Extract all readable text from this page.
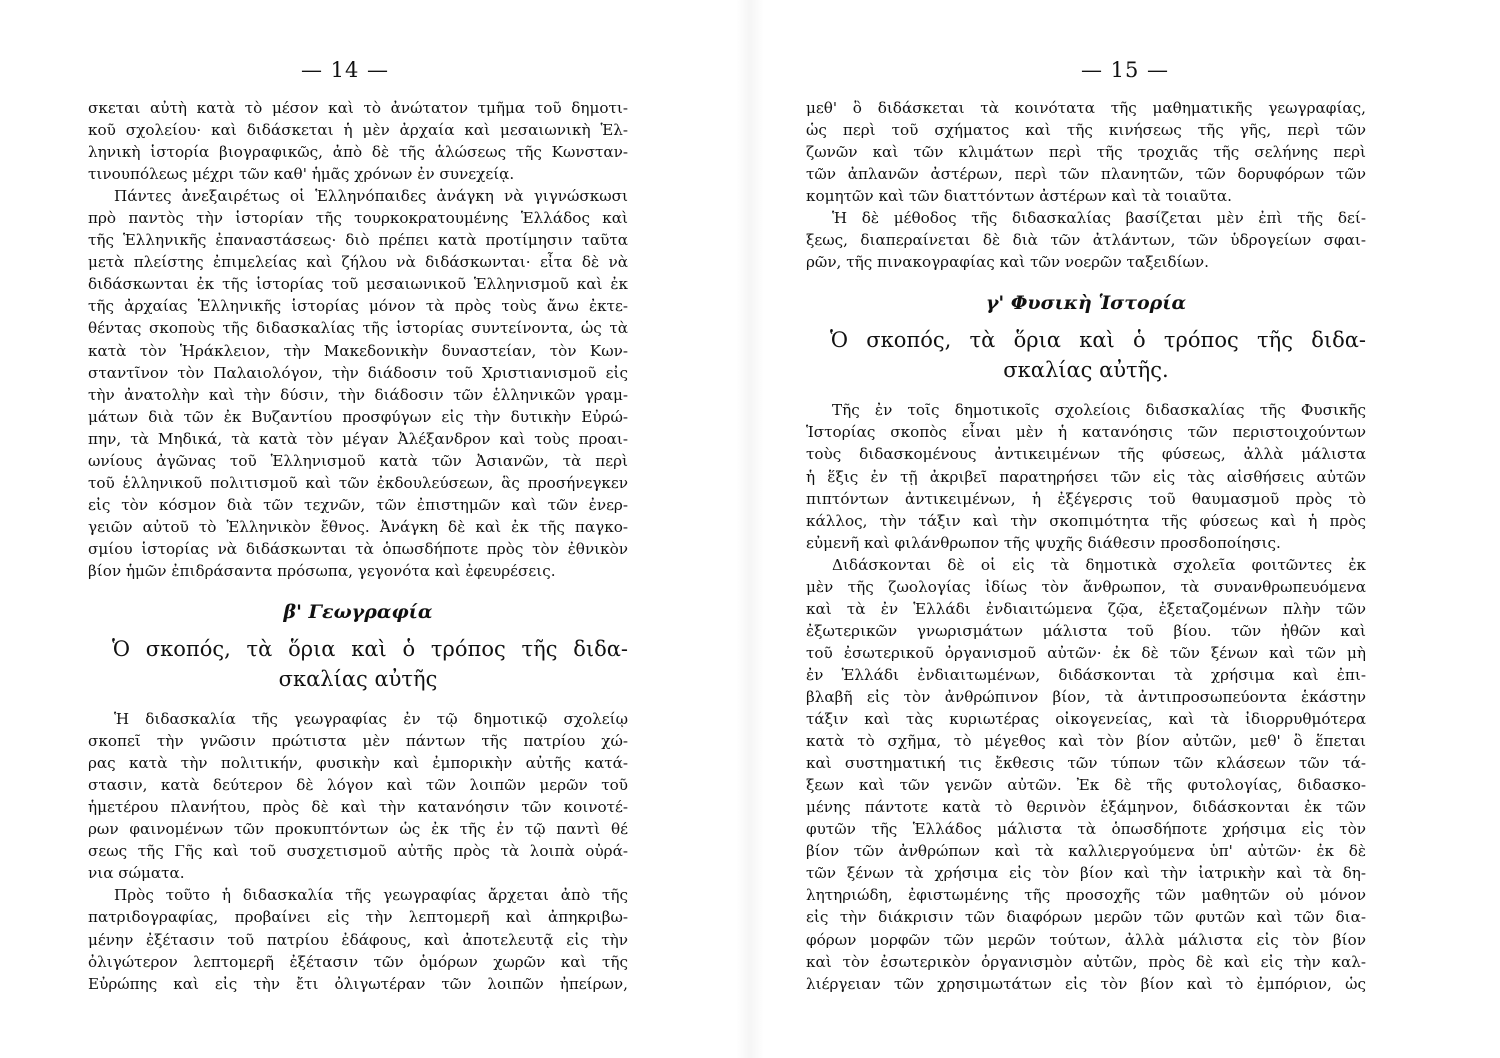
— 14 —
σκεται αὐτὴ κατὰ τὸ μέσον καὶ τὸ ἀνώτατον τμῆμα τοῦ δημοτι-
κοῦ σχολείου· καὶ διδάσκεται ἡ μὲν ἀρχαία καὶ μεσαιωνικὴ Ἑλ-
ληνικὴ ἱστορία βιογραφικῶς, ἀπὸ δὲ τῆς ἁλώσεως τῆς Κωνσταν-
τινουπόλεως μέχρι τῶν καθ' ἡμᾶς χρόνων ἐν συνεχείᾳ.
Πάντες ἀνεξαιρέτως οἱ Ἑλληνόπαιδες ἀνάγκη νὰ γιγνώσκωσι
πρὸ παντὸς τὴν ἱστορίαν τῆς τουρκοκρατουμένης Ἑλλάδος καὶ
τῆς Ἑλληνικῆς ἐπαναστάσεως· διὸ πρέπει κατὰ προτίμησιν ταῦτα
μετὰ πλείστης ἐπιμελείας καὶ ζήλου νὰ διδάσκωνται· εἶτα δὲ νὰ
διδάσκωνται ἐκ τῆς ἱστορίας τοῦ μεσαιωνικοῦ Ἑλληνισμοῦ καὶ ἐκ
τῆς ἀρχαίας Ἑλληνικῆς ἱστορίας μόνον τὰ πρὸς τοὺς ἄνω ἐκτε-
θέντας σκοποὺς τῆς διδασκαλίας τῆς ἱστορίας συντείνοντα, ὡς τὰ
κατὰ τὸν Ἡράκλειον, τὴν Μακεδονικὴν δυναστείαν, τὸν Κων-
σταντῖνον τὸν Παλαιολόγον, τὴν διάδοσιν τοῦ Χριστιανισμοῦ εἰς
τὴν ἀνατολὴν καὶ τὴν δύσιν, τὴν διάδοσιν τῶν ἑλληνικῶν γραμ-
μάτων διὰ τῶν ἐκ Βυζαντίου προσφύγων εἰς τὴν δυτικὴν Εὐρώ-
πην, τὰ Μηδικά, τὰ κατὰ τὸν μέγαν Ἀλέξανδρον καὶ τοὺς προαι-
ωνίους ἀγῶνας τοῦ Ἑλληνισμοῦ κατὰ τῶν Ἀσιανῶν, τὰ περὶ
τοῦ ἑλληνικοῦ πολιτισμοῦ καὶ τῶν ἐκδουλεύσεων, ἃς προσήνεγκεν
εἰς τὸν κόσμον διὰ τῶν τεχνῶν, τῶν ἐπιστημῶν καὶ τῶν ἐνερ-
γειῶν αὐτοῦ τὸ Ἑλληνικὸν ἔθνος. Ἀνάγκη δὲ καὶ ἐκ τῆς παγκο-
σμίου ἱστορίας νὰ διδάσκωνται τὰ ὁπωσδήποτε πρὸς τὸν ἐθνικὸν
βίον ἡμῶν ἐπιδράσαντα πρόσωπα, γεγονότα καὶ ἐφευρέσεις.
β' Γεωγραφία
Ὁ σκοπός, τὰ ὅρια καὶ ὁ τρόπος τῆς διδα-
σκαλίας αὐτῆς
Ἡ διδασκαλία τῆς γεωγραφίας ἐν τῷ δημοτικῷ σχολείῳ
σκοπεῖ τὴν γνῶσιν πρώτιστα μὲν πάντων τῆς πατρίου χώ-
ρας κατὰ τὴν πολιτικήν, φυσικὴν καὶ ἐμπορικὴν αὐτῆς κατά-
στασιν, κατὰ δεύτερον δὲ λόγον καὶ τῶν λοιπῶν μερῶν τοῦ
ἡμετέρου πλανήτου, πρὸς δὲ καὶ τὴν κατανόησιν τῶν κοινοτέ-
ρων φαινομένων τῶν προκυπτόντων ὡς ἐκ τῆς ἐν τῷ παντὶ θέ
σεως τῆς Γῆς καὶ τοῦ συσχετισμοῦ αὐτῆς πρὸς τὰ λοιπὰ οὐρά-
νια σώματα.
Πρὸς τοῦτο ἡ διδασκαλία τῆς γεωγραφίας ἄρχεται ἀπὸ τῆς
πατριδογραφίας, προβαίνει εἰς τὴν λεπτομερῆ καὶ ἀπηκριβω-
μένην ἐξέτασιν τοῦ πατρίου ἐδάφους, καὶ ἀποτελευτᾷ εἰς τὴν
ὀλιγώτερον λεπτομερῆ ἐξέτασιν τῶν ὁμόρων χωρῶν καὶ τῆς
Εὐρώπης καὶ εἰς τὴν ἔτι ὀλιγωτέραν τῶν λοιπῶν ἠπείρων,
— 15 —
μεθ' ὃ διδάσκεται τὰ κοινότατα τῆς μαθηματικῆς γεωγραφίας,
ὡς περὶ τοῦ σχήματος καὶ τῆς κινήσεως τῆς γῆς, περὶ τῶν
ζωνῶν καὶ τῶν κλιμάτων περὶ τῆς τροχιᾶς τῆς σελήνης περὶ
τῶν ἀπλανῶν ἀστέρων, περὶ τῶν πλανητῶν, τῶν δορυφόρων τῶν
κομητῶν καὶ τῶν διαττόντων ἀστέρων καὶ τὰ τοιαῦτα.
Ἡ δὲ μέθοδος τῆς διδασκαλίας βασίζεται μὲν ἐπὶ τῆς δεί-
ξεως, διαπεραίνεται δὲ διὰ τῶν ἀτλάντων, τῶν ὑδρογείων σφαι-
ρῶν, τῆς πινακογραφίας καὶ τῶν νοερῶν ταξειδίων.
γ' Φυσικὴ Ἱστορία
Ὁ σκοπός, τὰ ὅρια καὶ ὁ τρόπος τῆς διδα-
σκαλίας αὐτῆς.
Τῆς ἐν τοῖς δημοτικοῖς σχολείοις διδασκαλίας τῆς Φυσικῆς
Ἱστορίας σκοπὸς εἶναι μὲν ἡ κατανόησις τῶν περιστοιχούντων
τοὺς διδασκομένους ἀντικειμένων τῆς φύσεως, ἀλλὰ μάλιστα
ἡ ἕξις ἐν τῇ ἀκριβεῖ παρατηρήσει τῶν εἰς τὰς αἰσθήσεις αὐτῶν
πιπτόντων ἀντικειμένων, ἡ ἐξέγερσις τοῦ θαυμασμοῦ πρὸς τὸ
κάλλος, τὴν τάξιν καὶ τὴν σκοπιμότητα τῆς φύσεως καὶ ἡ πρὸς
εὐμενῆ καὶ φιλάνθρωπον τῆς ψυχῆς διάθεσιν προσδοποίησις.
Διδάσκονται δὲ οἱ εἰς τὰ δημοτικὰ σχολεῖα φοιτῶντες ἐκ
μὲν τῆς ζωολογίας ἰδίως τὸν ἄνθρωπον, τὰ συνανθρωπευόμενα
καὶ τὰ ἐν Ἑλλάδι ἐνδιαιτώμενα ζῷα, ἐξεταζομένων πλὴν τῶν
ἐξωτερικῶν γνωρισμάτων μάλιστα τοῦ βίου. τῶν ἠθῶν καὶ
τοῦ ἐσωτερικοῦ ὀργανισμοῦ αὐτῶν· ἐκ δὲ τῶν ξένων καὶ τῶν μὴ
ἐν Ἑλλάδι ἐνδιαιτωμένων, διδάσκονται τὰ χρήσιμα καὶ ἐπι-
βλαβῆ εἰς τὸν ἀνθρώπινον βίον, τὰ ἀντιπροσωπεύοντα ἑκάστην
τάξιν καὶ τὰς κυριωτέρας οἰκογενείας, καὶ τὰ ἰδιορρυθμότερα
κατὰ τὸ σχῆμα, τὸ μέγεθος καὶ τὸν βίον αὐτῶν, μεθ' ὃ ἕπεται
καὶ συστηματική τις ἔκθεσις τῶν τύπων τῶν κλάσεων τῶν τά-
ξεων καὶ τῶν γενῶν αὐτῶν. Ἐκ δὲ τῆς φυτολογίας, διδασκο-
μένης πάντοτε κατὰ τὸ θερινὸν ἑξάμηνον, διδάσκονται ἐκ τῶν
φυτῶν τῆς Ἑλλάδος μάλιστα τὰ ὁπωσδήποτε χρήσιμα εἰς τὸν
βίον τῶν ἀνθρώπων καὶ τὰ καλλιεργούμενα ὑπ' αὐτῶν· ἐκ δὲ
τῶν ξένων τὰ χρήσιμα εἰς τὸν βίον καὶ τὴν ἰατρικὴν καὶ τὰ δη-
λητηριώδη, ἐφιστωμένης τῆς προσοχῆς τῶν μαθητῶν οὐ μόνον
εἰς τὴν διάκρισιν τῶν διαφόρων μερῶν τῶν φυτῶν καὶ τῶν δια-
φόρων μορφῶν τῶν μερῶν τούτων, ἀλλὰ μάλιστα εἰς τὸν βίον
καὶ τὸν ἐσωτερικὸν ὀργανισμὸν αὐτῶν, πρὸς δὲ καὶ εἰς τὴν καλ-
λιέργειαν τῶν χρησιμωτάτων εἰς τὸν βίον καὶ τὸ ἐμπόριον, ὡς
